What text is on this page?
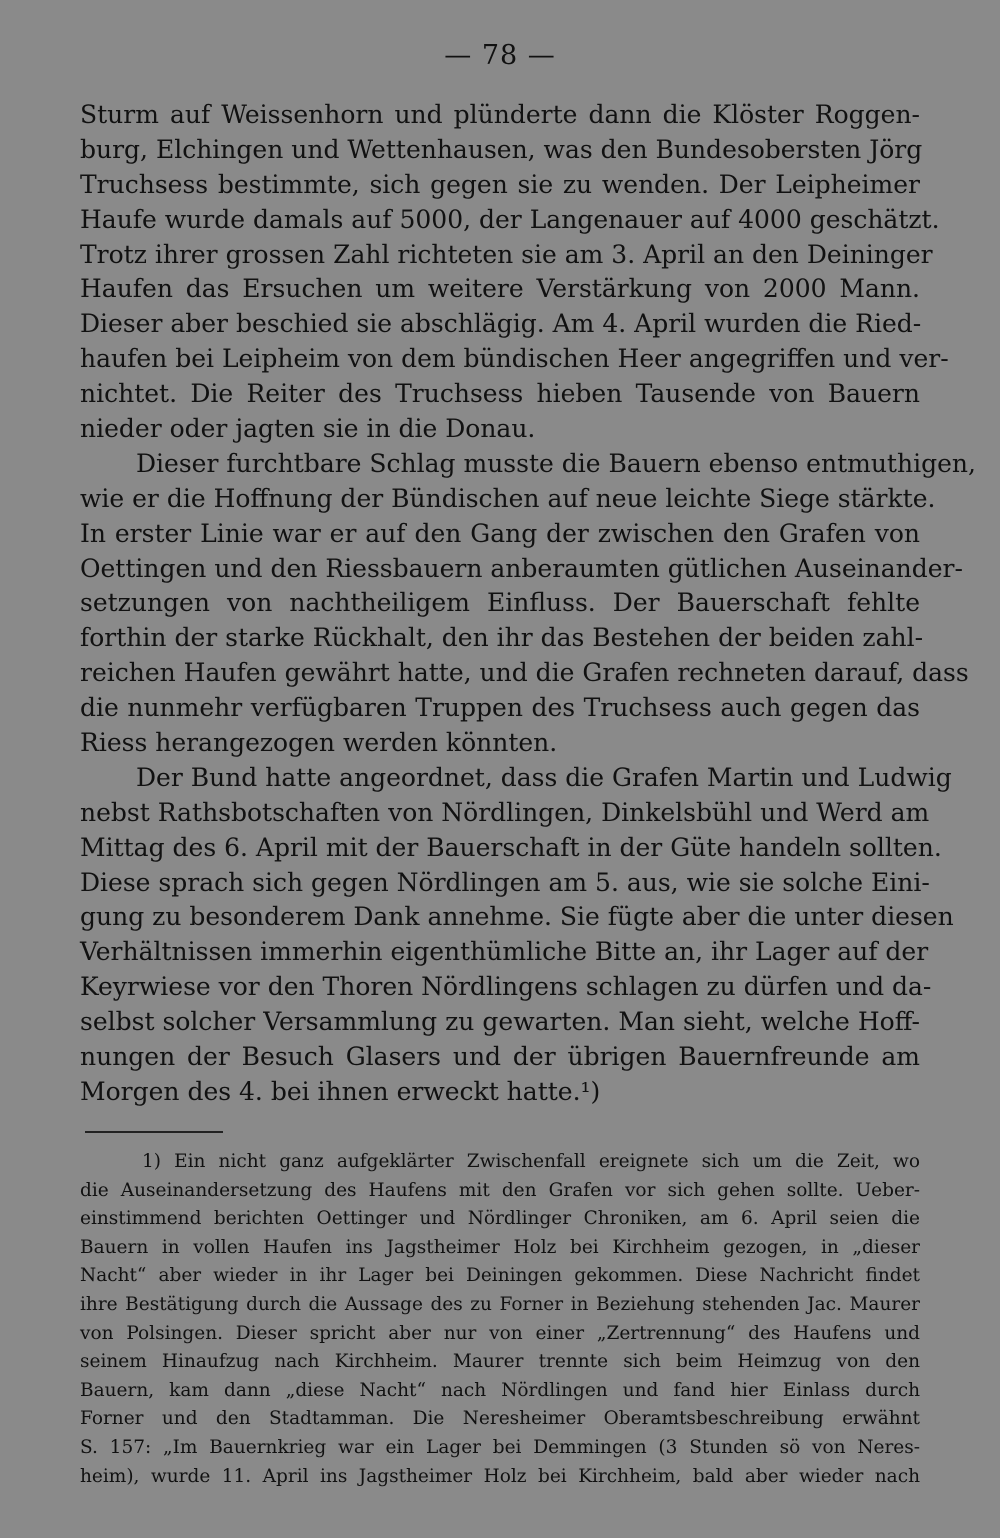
— 78 —
Sturm auf Weissenhorn und plünderte dann die Klöster Roggen-
burg, Elchingen und Wettenhausen, was den Bundesobersten Jörg
Truchsess bestimmte, sich gegen sie zu wenden. Der Leipheimer
Haufe wurde damals auf 5000, der Langenauer auf 4000 geschätzt.
Trotz ihrer grossen Zahl richteten sie am 3. April an den Deininger
Haufen das Ersuchen um weitere Verstärkung von 2000 Mann.
Dieser aber beschied sie abschlägig. Am 4. April wurden die Ried-
haufen bei Leipheim von dem bündischen Heer angegriffen und ver-
nichtet. Die Reiter des Truchsess hieben Tausende von Bauern
nieder oder jagten sie in die Donau.
Dieser furchtbare Schlag musste die Bauern ebenso entmuthigen,
wie er die Hoffnung der Bündischen auf neue leichte Siege stärkte.
In erster Linie war er auf den Gang der zwischen den Grafen von
Oettingen und den Riessbauern anberaumten gütlichen Auseinander-
setzungen von nachtheiligem Einfluss. Der Bauerschaft fehlte
forthin der starke Rückhalt, den ihr das Bestehen der beiden zahl-
reichen Haufen gewährt hatte, und die Grafen rechneten darauf, dass
die nunmehr verfügbaren Truppen des Truchsess auch gegen das
Riess herangezogen werden könnten.
Der Bund hatte angeordnet, dass die Grafen Martin und Ludwig
nebst Rathsbotschaften von Nördlingen, Dinkelsbühl und Werd am
Mittag des 6. April mit der Bauerschaft in der Güte handeln sollten.
Diese sprach sich gegen Nördlingen am 5. aus, wie sie solche Eini-
gung zu besonderem Dank annehme. Sie fügte aber die unter diesen
Verhältnissen immerhin eigenthümliche Bitte an, ihr Lager auf der
Keyrwiese vor den Thoren Nördlingens schlagen zu dürfen und da-
selbst solcher Versammlung zu gewarten. Man sieht, welche Hoff-
nungen der Besuch Glasers und der übrigen Bauernfreunde am
Morgen des 4. bei ihnen erweckt hatte.¹)
1) Ein nicht ganz aufgeklärter Zwischenfall ereignete sich um die Zeit, wo
die Auseinandersetzung des Haufens mit den Grafen vor sich gehen sollte. Ueber-
einstimmend berichten Oettinger und Nördlinger Chroniken, am 6. April seien die
Bauern in vollen Haufen ins Jagstheimer Holz bei Kirchheim gezogen, in „dieser
Nacht“ aber wieder in ihr Lager bei Deiningen gekommen. Diese Nachricht findet
ihre Bestätigung durch die Aussage des zu Forner in Beziehung stehenden Jac. Maurer
von Polsingen. Dieser spricht aber nur von einer „Zertrennung“ des Haufens und
seinem Hinaufzug nach Kirchheim. Maurer trennte sich beim Heimzug von den
Bauern, kam dann „diese Nacht“ nach Nördlingen und fand hier Einlass durch
Forner und den Stadtamman. Die Neresheimer Oberamtsbeschreibung erwähnt
S. 157: „Im Bauernkrieg war ein Lager bei Demmingen (3 Stunden sö von Neres-
heim), wurde 11. April ins Jagstheimer Holz bei Kirchheim, bald aber wieder nach
